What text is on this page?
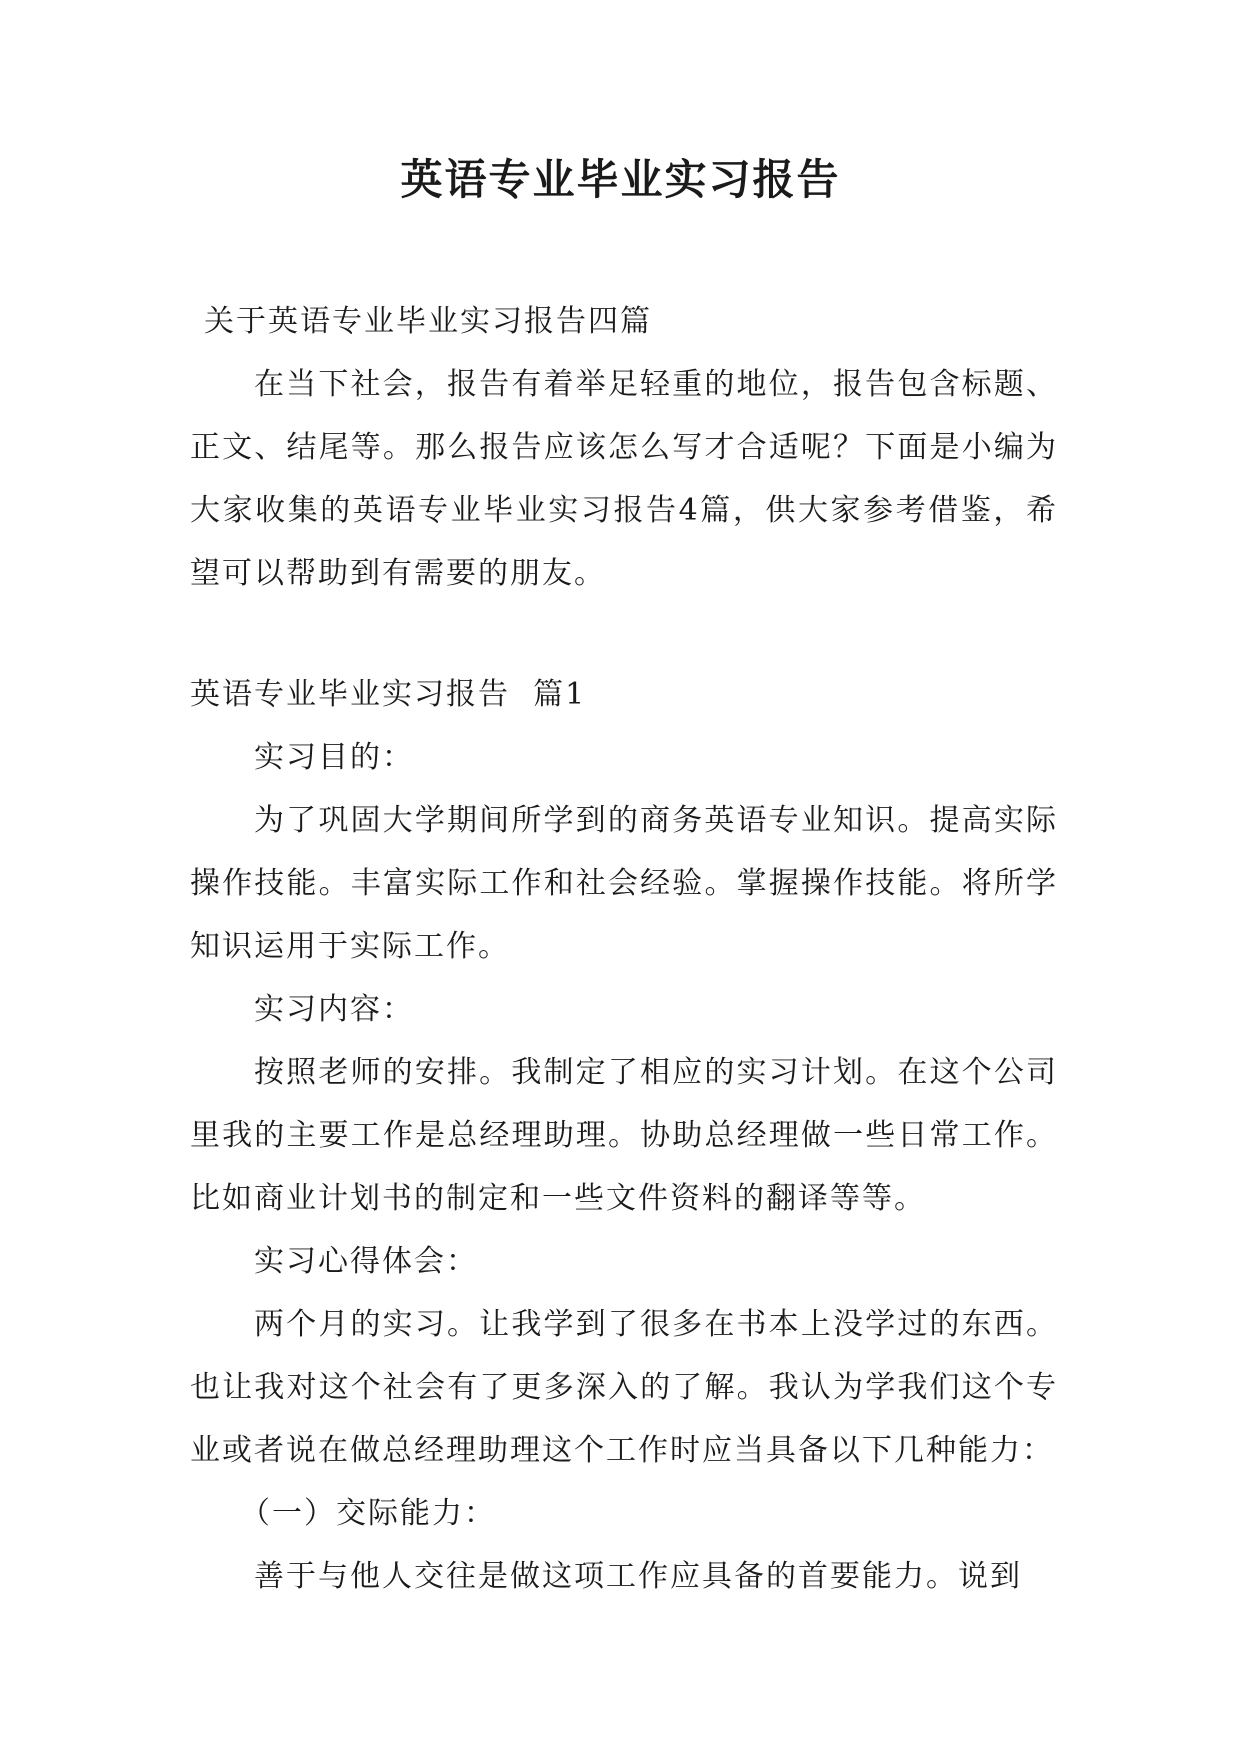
英语专业毕业实习报告
关于英语专业毕业实习报告四篇
在当下社会，报告有着举足轻重的地位，报告包含标题、正文、结尾等。那么报告应该怎么写才合适呢？下面是小编为大家收集的英语专业毕业实习报告4篇，供大家参考借鉴，希望可以帮助到有需要的朋友。
英语专业毕业实习报告  篇1
实习目的：
为了巩固大学期间所学到的商务英语专业知识。提高实际操作技能。丰富实际工作和社会经验。掌握操作技能。将所学知识运用于实际工作。
实习内容：
按照老师的安排。我制定了相应的实习计划。在这个公司里我的主要工作是总经理助理。协助总经理做一些日常工作。比如商业计划书的制定和一些文件资料的翻译等等。
实习心得体会：
两个月的实习。让我学到了很多在书本上没学过的东西。也让我对这个社会有了更多深入的了解。我认为学我们这个专业或者说在做总经理助理这个工作时应当具备以下几种能力：
（一）交际能力：
善于与他人交往是做这项工作应具备的首要能力。说到
